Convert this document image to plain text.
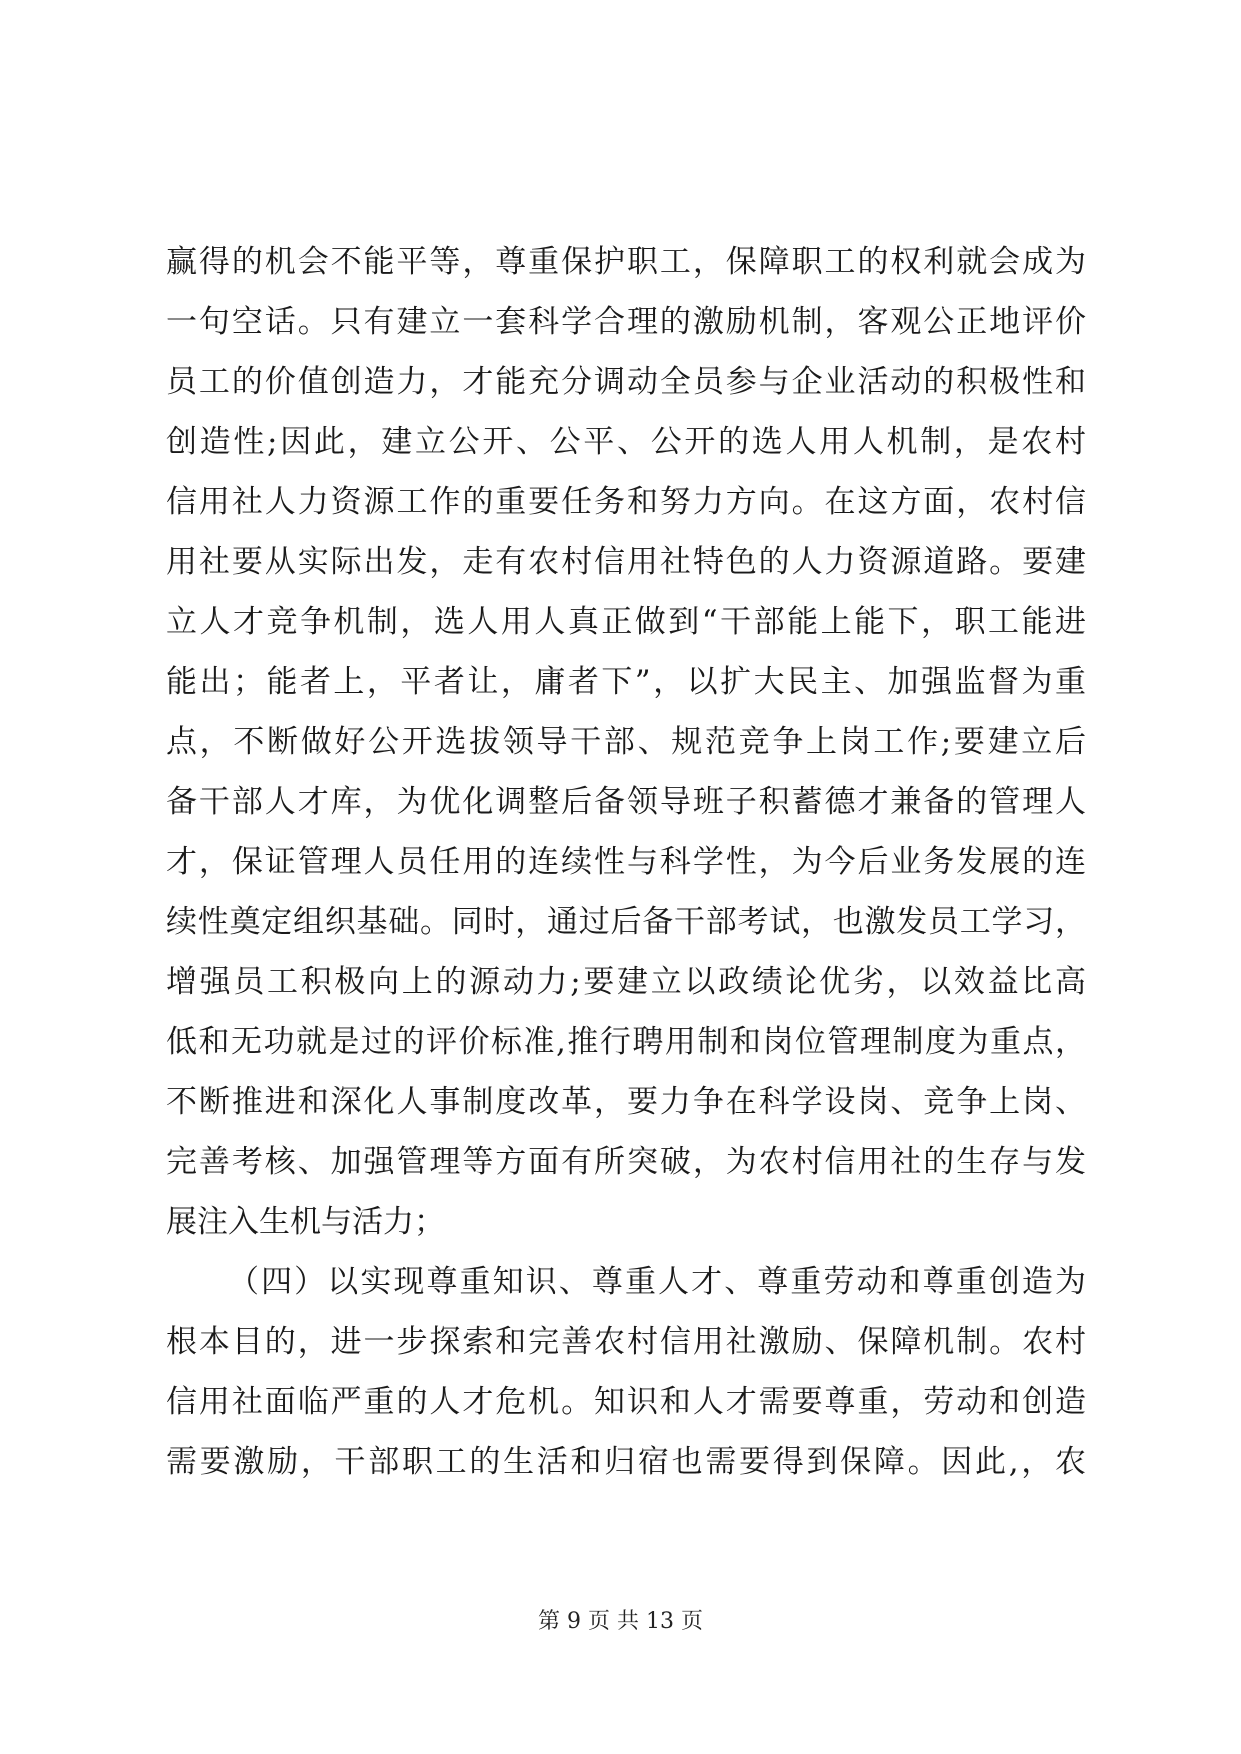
赢得的机会不能平等，尊重保护职工，保障职工的权利就会成为
一句空话。只有建立一套科学合理的激励机制，客观公正地评价
员工的价值创造力，才能充分调动全员参与企业活动的积极性和
创造性;因此，建立公开、公平、公开的选人用人机制，是农村
信用社人力资源工作的重要任务和努力方向。在这方面，农村信
用社要从实际出发，走有农村信用社特色的人力资源道路。要建
立人才竞争机制，选人用人真正做到“干部能上能下，职工能进
能出；能者上，平者让，庸者下”，以扩大民主、加强监督为重
点，不断做好公开选拔领导干部、规范竞争上岗工作;要建立后
备干部人才库，为优化调整后备领导班子积蓄德才兼备的管理人
才，保证管理人员任用的连续性与科学性，为今后业务发展的连
续性奠定组织基础。同时，通过后备干部考试，也激发员工学习，
增强员工积极向上的源动力;要建立以政绩论优劣，以效益比高
低和无功就是过的评价标准,推行聘用制和岗位管理制度为重点，
不断推进和深化人事制度改革，要力争在科学设岗、竞争上岗、
完善考核、加强管理等方面有所突破，为农村信用社的生存与发
展注入生机与活力；
（四）以实现尊重知识、尊重人才、尊重劳动和尊重创造为
根本目的，进一步探索和完善农村信用社激励、保障机制。农村
信用社面临严重的人才危机。知识和人才需要尊重，劳动和创造
需要激励，干部职工的生活和归宿也需要得到保障。因此,，农
第 9 页 共 13 页
